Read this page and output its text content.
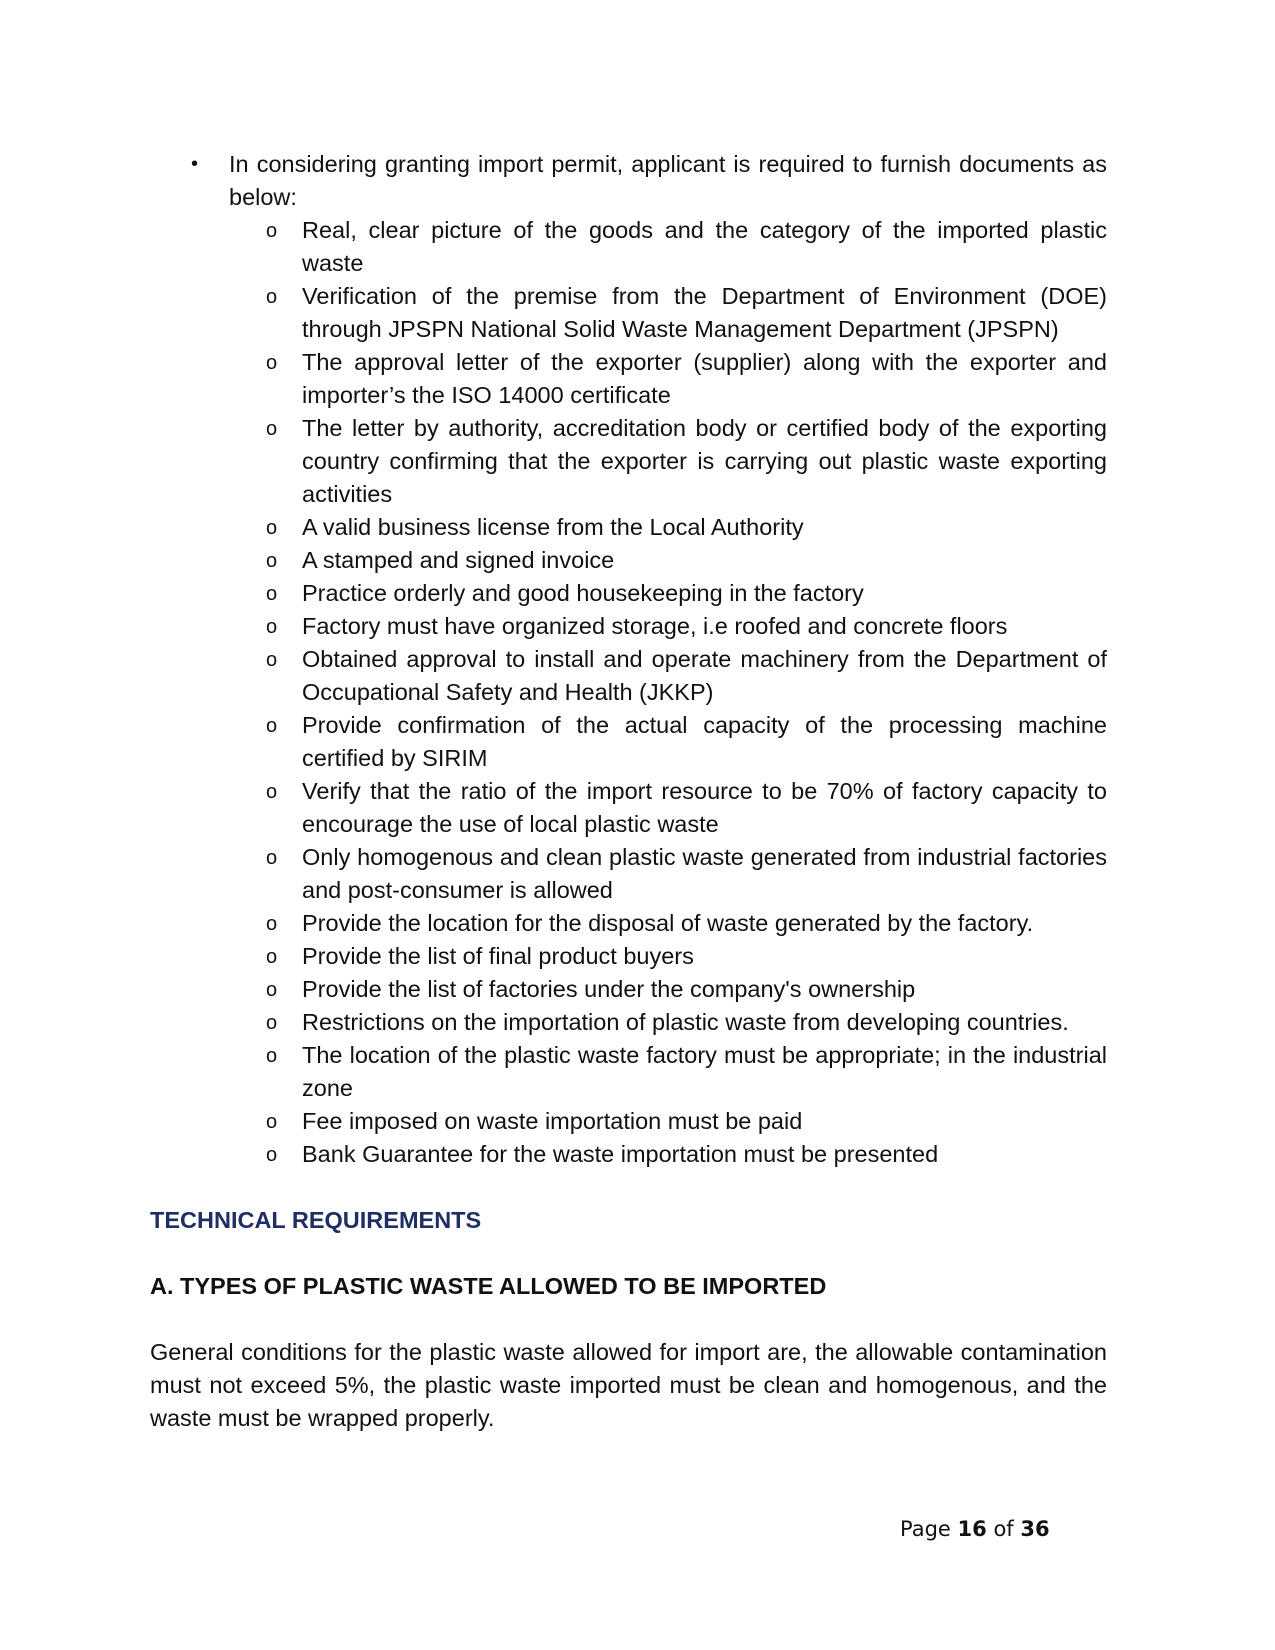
• In considering granting import permit, applicant is required to furnish documents as below:
o Real, clear picture of the goods and the category of the imported plastic waste
o Verification of the premise from the Department of Environment (DOE) through JPSPN National Solid Waste Management Department (JPSPN)
o The approval letter of the exporter (supplier) along with the exporter and importer’s the ISO 14000 certificate
o The letter by authority, accreditation body or certified body of the exporting country confirming that the exporter is carrying out plastic waste exporting activities
o A valid business license from the Local Authority
o A stamped and signed invoice
o Practice orderly and good housekeeping in the factory
o Factory must have organized storage, i.e roofed and concrete floors
o Obtained approval to install and operate machinery from the Department of Occupational Safety and Health (JKKP)
o Provide confirmation of the actual capacity of the processing machine certified by SIRIM
o Verify that the ratio of the import resource to be 70% of factory capacity to encourage the use of local plastic waste
o Only homogenous and clean plastic waste generated from industrial factories and post-consumer is allowed
o Provide the location for the disposal of waste generated by the factory.
o Provide the list of final product buyers
o Provide the list of factories under the company's ownership
o Restrictions on the importation of plastic waste from developing countries.
o The location of the plastic waste factory must be appropriate; in the industrial zone
o Fee imposed on waste importation must be paid
o Bank Guarantee for the waste importation must be presented
TECHNICAL REQUIREMENTS
A. TYPES OF PLASTIC WASTE ALLOWED TO BE IMPORTED
General conditions for the plastic waste allowed for import are, the allowable contamination must not exceed 5%, the plastic waste imported must be clean and homogenous, and the waste must be wrapped properly.
Page 16 of 36
